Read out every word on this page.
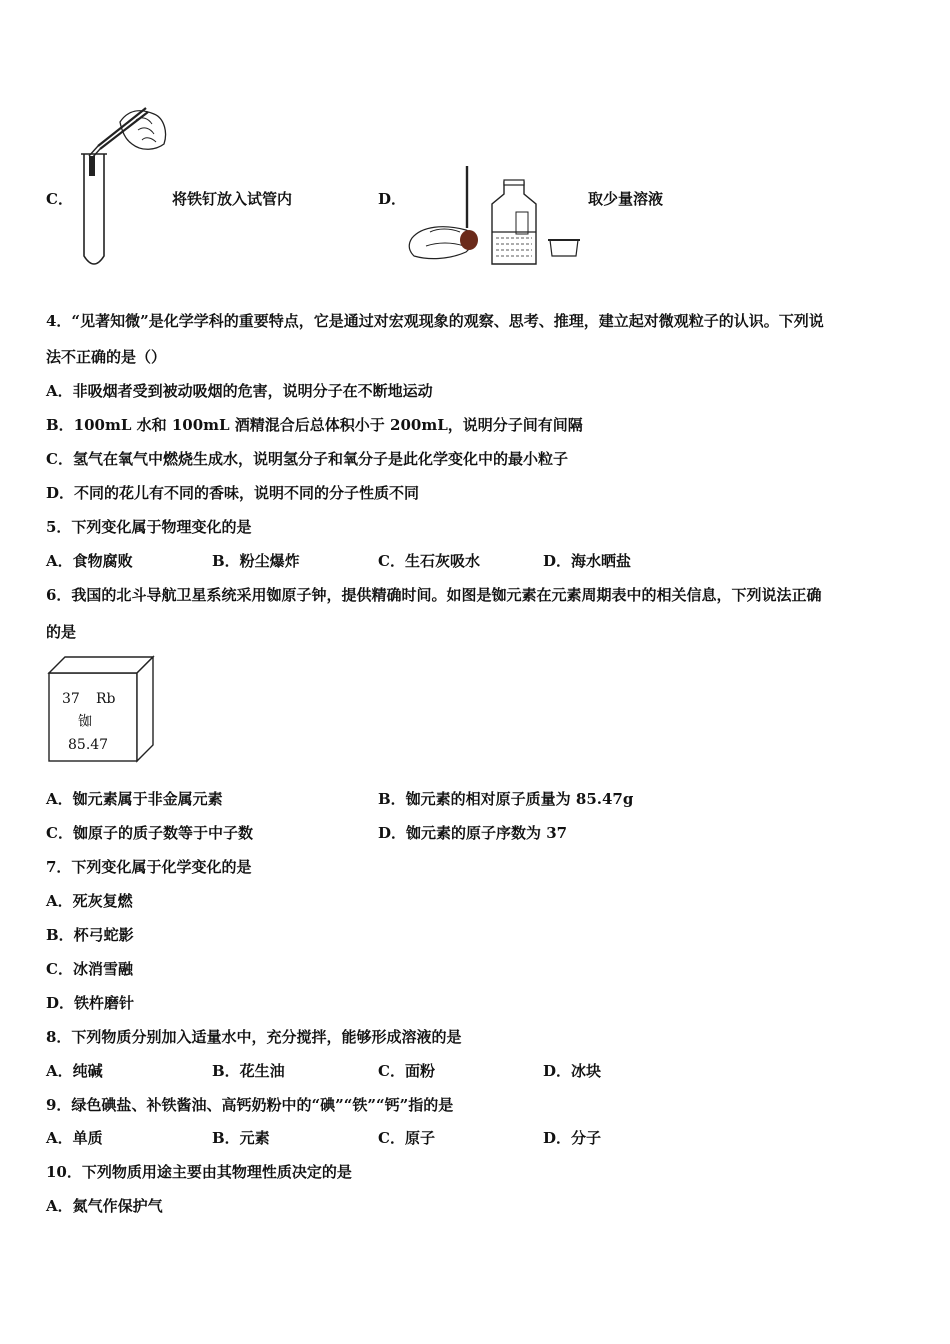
C．	将铁钉放入试管内	D．	取少量溶液
4．“见著知微”是化学学科的重要特点，它是通过对宏观现象的观察、思考、推理，建立起对微观粒子的认识。下列说
法不正确的是（）
A．非吸烟者受到被动吸烟的危害，说明分子在不断地运动
B．100mL 水和 100mL 酒精混合后总体积小于 200mL，说明分子间有间隔
C．氢气在氧气中燃烧生成水，说明氢分子和氧分子是此化学变化中的最小粒子
D．不同的花儿有不同的香味，说明不同的分子性质不同
5．下列变化属于物理变化的是
A．食物腐败	B．粉尘爆炸	C．生石灰吸水	D．海水晒盐
6．我国的北斗导航卫星系统采用铷原子钟，提供精确时间。如图是铷元素在元素周期表中的相关信息，下列说法正确
的是
37 Rb
铷
85.47
A．铷元素属于非金属元素	B．铷元素的相对原子质量为 85.47g
C．铷原子的质子数等于中子数	D．铷元素的原子序数为 37
7．下列变化属于化学变化的是
A．死灰复燃
B．杯弓蛇影
C．冰消雪融
D．铁杵磨针
8．下列物质分别加入适量水中，充分搅拌，能够形成溶液的是
A．纯碱	B．花生油	C．面粉	D．冰块
9．绿色碘盐、补铁酱油、高钙奶粉中的“碘”“铁”“钙”指的是
A．单质	B．元素	C．原子	D．分子
10．下列物质用途主要由其物理性质决定的是
A．氮气作保护气
